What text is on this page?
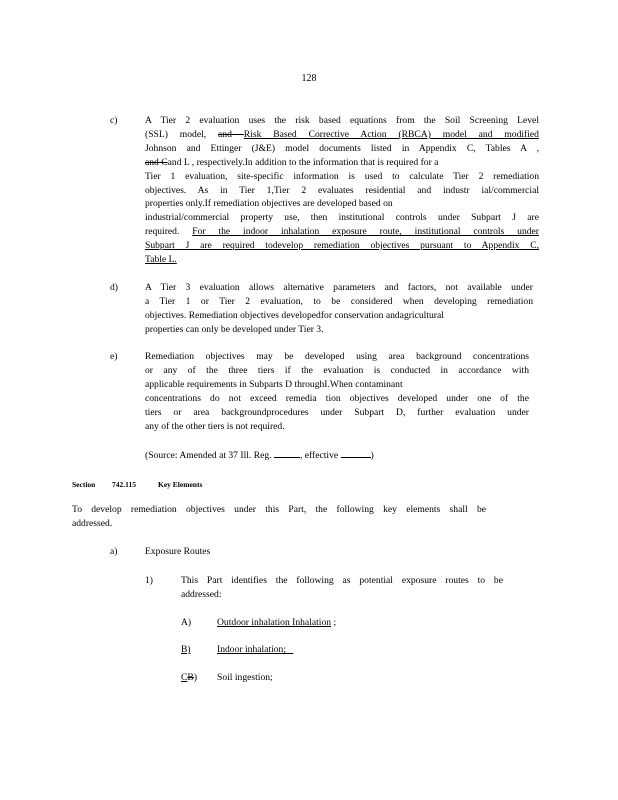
128
c)	A Tier 2 evaluation uses the risk based equations from the Soil Screening Level
(SSL) model, and Risk Based Corrective Action (RBCA) model and modified
Johnson and Ettinger (J&E) model documents listed in Appendix C, Tables A ,
and Cand L , respectively.In addition to the information that is required for a
Tier 1 evaluation, site-specific information is used to calculate Tier 2 remediation
objectives. As in Tier 1,Tier 2 evaluates residential and industr ial/commercial
properties only.If remediation objectives are developed based on
industrial/commercial property use, then institutional controls under Subpart J are
required. For the indoor inhalation exposure route, institutional controls under
Subpart J are required todevelop remediation objectives pursuant to Appendix C,
Table L.
d)	A Tier 3 evaluation allows alternative parameters and factors, not available under
a Tier 1 or Tier 2 evaluation, to be considered when developing remediation
objectives. Remediation objectives developedfor conservation andagricultural
properties can only be developed under Tier 3.
e)	Remediation objectives may be developed using area background concentrations
or any of the three tiers if the evaluation is conducted in accordance with
applicable requirements in Subparts D throughI.When contaminant
concentrations do not exceed remedia tion objectives developed under one of the
tiers or area backgroundprocedures under Subpart D, further evaluation under
any of the other tiers is not required.
(Source: Amended at 37 Ill. Reg.	, effective	)
Section 742.115	Key Elements
To develop remediation objectives under this Part, the following key elements shall be
addressed.
a)	Exposure Routes
1)	This Part identifies the following as potential exposure routes to be
addressed:
A)	Outdoor inhalation Inhalation ;
B)	Indoor inhalation;
CB) Soil ingestion;
